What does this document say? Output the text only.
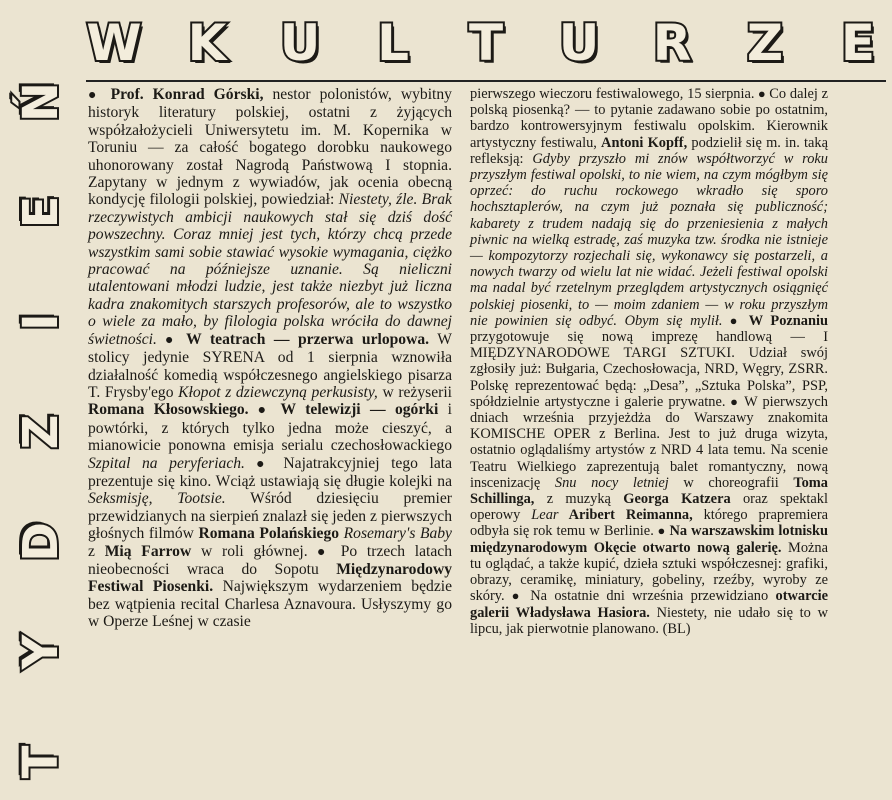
W K U L T U R Z E
Ń
E
I
Z
D
Y
T

● Prof. Konrad Górski, nestor polonistów, wybitny historyk literatury polskiej, ostatni z żyjących współzałożycieli Uniwersytetu im. M. Kopernika w Toruniu — za całość bogatego dorobku naukowego uhonorowany został Nagrodą Państwową I stopnia. Zapytany w jednym z wywiadów, jak ocenia obecną kondycję filologii polskiej, powiedział: Niestety, źle. Brak rzeczywistych ambicji naukowych stał się dziś dość powszechny. Coraz mniej jest tych, którzy chcą przede wszystkim sami sobie stawiać wysokie wymagania, ciężko pracować na późniejsze uznanie. Są nieliczni utalentowani młodzi ludzie, jest także niezbyt już liczna kadra znakomitych starszych profesorów, ale to wszystko o wiele za mało, by filologia polska wróciła do dawnej świetności. ● W teatrach — przerwa urlopowa. W stolicy jedynie SYRENA od 1 sierpnia wznowiła działalność komedią współczesnego angielskiego pisarza T. Frysby'ego Kłopot z dziewczyną perkusisty, w reżyserii Romana Kłosowskiego. ● W telewizji — ogórki i powtórki, z których tylko jedna może cieszyć, a mianowicie ponowna emisja serialu czechosłowackiego Szpital na peryferiach. ● Najatrakcyjniej tego lata prezentuje się kino. Wciąż ustawiają się długie kolejki na Seksmisję, Tootsie. Wśród dziesięciu premier przewidzianych na sierpień znalazł się jeden z pierwszych głośnych filmów Romana Polańskiego Rosemary's Baby z Mią Farrow w roli głównej. ● Po trzech latach nieobecności wraca do Sopotu Międzynarodowy Festiwal Piosenki. Największym wydarzeniem będzie bez wątpienia recital Charlesa Aznavoura. Usłyszymy go w Operze Leśnej w czasie

pierwszego wieczoru festiwalowego, 15 sierpnia. ● Co dalej z polską piosenką? — to pytanie zadawano sobie po ostatnim, bardzo kontrowersyjnym festiwalu opolskim. Kierownik artystyczny festiwalu, Antoni Kopff, podzielił się m. in. taką refleksją: Gdyby przyszło mi znów współtworzyć w roku przyszłym festiwal opolski, to nie wiem, na czym mógłbym się oprzeć: do ruchu rockowego wkradło się sporo hochsztaplerów, na czym już poznała się publiczność; kabarety z trudem nadają się do przeniesienia z małych piwnic na wielką estradę, zaś muzyka tzw. środka nie istnieje — kompozytorzy rozjechali się, wykonawcy się postarzeli, a nowych twarzy od wielu lat nie widać. Jeżeli festiwal opolski ma nadal być rzetelnym przeglądem artystycznych osiągnięć polskiej piosenki, to — moim zdaniem — w roku przyszłym nie powinien się odbyć. Obym się mylił. ● W Poznaniu przygotowuje się nową imprezę handlową — I MIĘDZYNARODOWE TARGI SZTUKI. Udział swój zgłosiły już: Bułgaria, Czechosłowacja, NRD, Węgry, ZSRR. Polskę reprezentować będą: „Desa”, „Sztuka Polska”, PSP, spółdzielnie artystyczne i galerie prywatne. ● W pierwszych dniach września przyjeżdża do Warszawy znakomita KOMISCHE OPER z Berlina. Jest to już druga wizyta, ostatnio oglądaliśmy artystów z NRD 4 lata temu. Na scenie Teatru Wielkiego zaprezentują balet romantyczny, nową inscenizację Snu nocy letniej w choreografii Toma Schillinga, z muzyką Georga Katzera oraz spektakl operowy Lear Aribert Reimanna, którego prapremiera odbyła się rok temu w Berlinie. ● Na warszawskim lotnisku międzynarodowym Okęcie otwarto nową galerię. Można tu oglądać, a także kupić, dzieła sztuki współczesnej: grafiki, obrazy, ceramikę, miniatury, gobeliny, rzeźby, wyroby ze skóry. ● Na ostatnie dni września przewidziano otwarcie galerii Władysława Hasiora. Niestety, nie udało się to w lipcu, jak pierwotnie planowano. (BL)
